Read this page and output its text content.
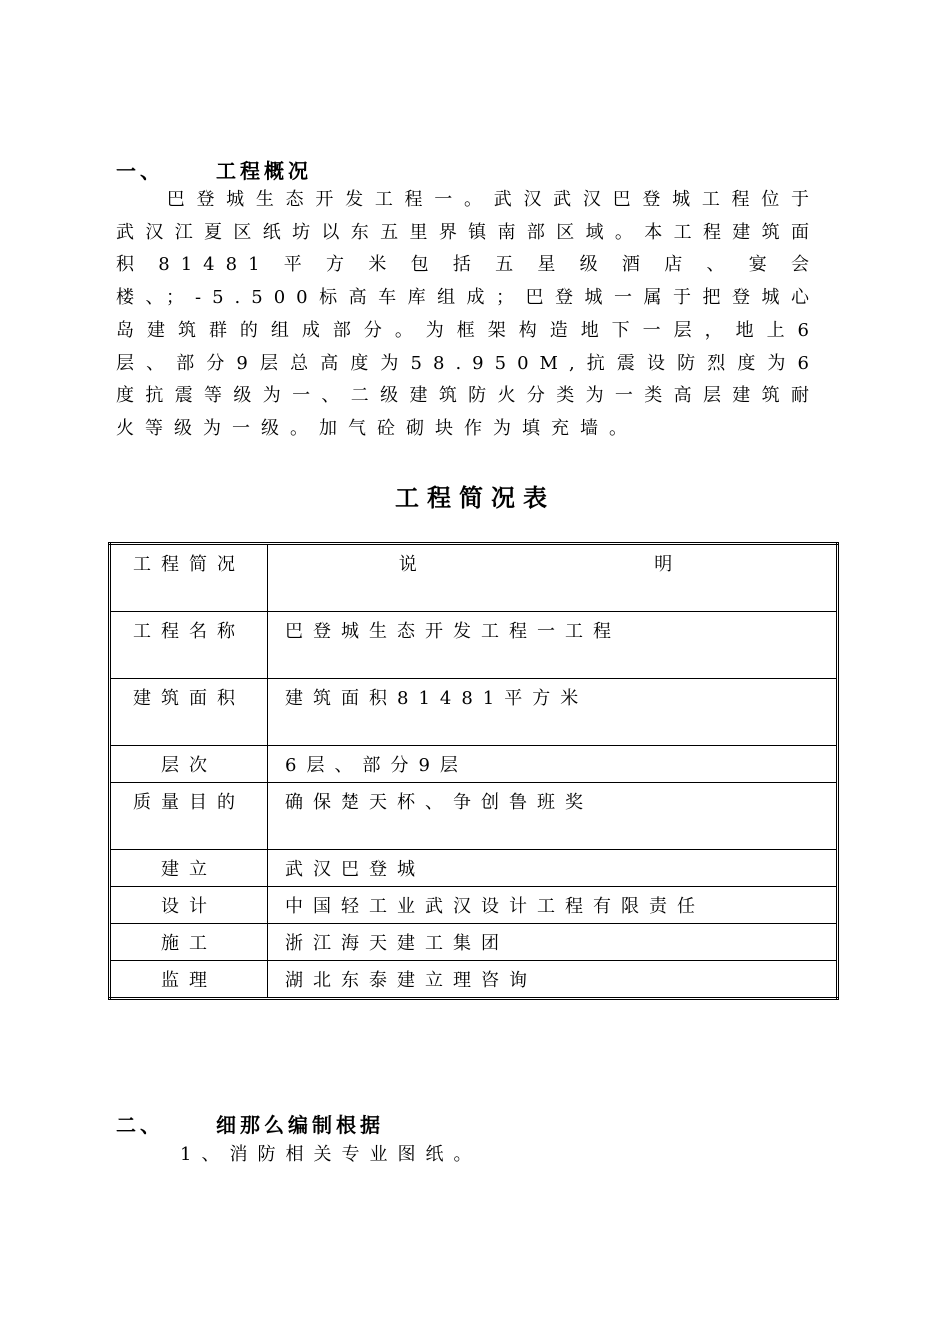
一、	工程概况
巴登城生态开发工程一。武汉武汉巴登城工程位于武汉江夏区纸坊以东五里界镇南部区域。本工程建筑面积81481平方米包括五星级酒店、宴会楼、；-5.500标高车库组成；巴登城一属于把登城心岛建筑群的组成部分。为框架构造地下一层，地上6层、部分9层总高度为58.950M,抗震设防烈度为6度抗震等级为一、二级建筑防火分类为一类高层建筑耐火等级为一级。加气砼砌块作为填充墙。
工程简况表
工程简况	说 明

工程名称	巴登城生态开发工程一工程
建筑面积	建筑面积81481平方米
层次	6层、部分9层
质量目的	确保楚天杯、争创鲁班奖
建立	武汉巴登城
设计	中国轻工业武汉设计工程有限责任
施工	浙江海天建工集团
监理	湖北东泰建立理咨询
二、	细那么编制根据
1、消防相关专业图纸。
